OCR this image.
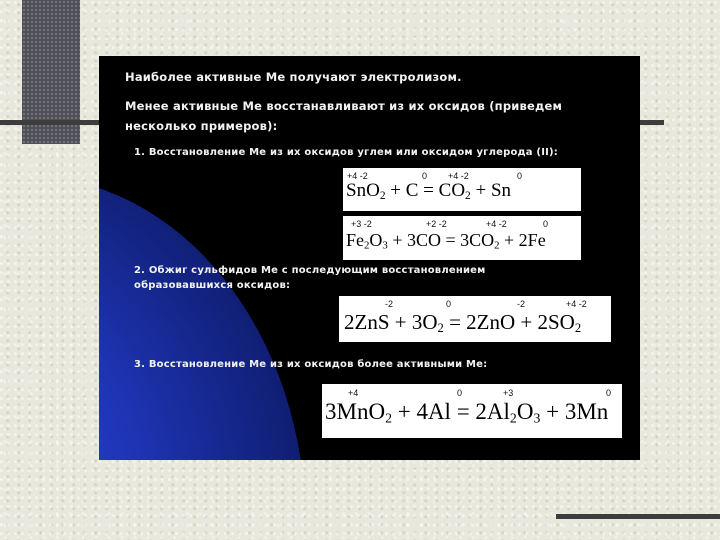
Наиболее активные Ме получают электролизом.
Менее активные Ме восстанавливают из их оксидов (приведем
несколько примеров):
1. Восстановление Ме из их оксидов углем или оксидом углерода (II):
+4 -2	0 +4 -2	0
$SnO_2 + C = CO_2 + Sn$
+3 -2	+2 -2	+4 -2	0
$Fe_2O_3 + 3CO = 3CO_2 + 2Fe$
2. Обжиг сульфидов Ме с последующим восстановлением
образовавшихся оксидов:
-2	0	-2	+4 -2
$2ZnS + 3O_2 = 2ZnO + 2SO_2$
3. Восстановление Ме из их оксидов более активными Ме:
+4	0	+3	0
$3MnO_2 + 4Al = 2Al_2O_3 + 3Mn$
